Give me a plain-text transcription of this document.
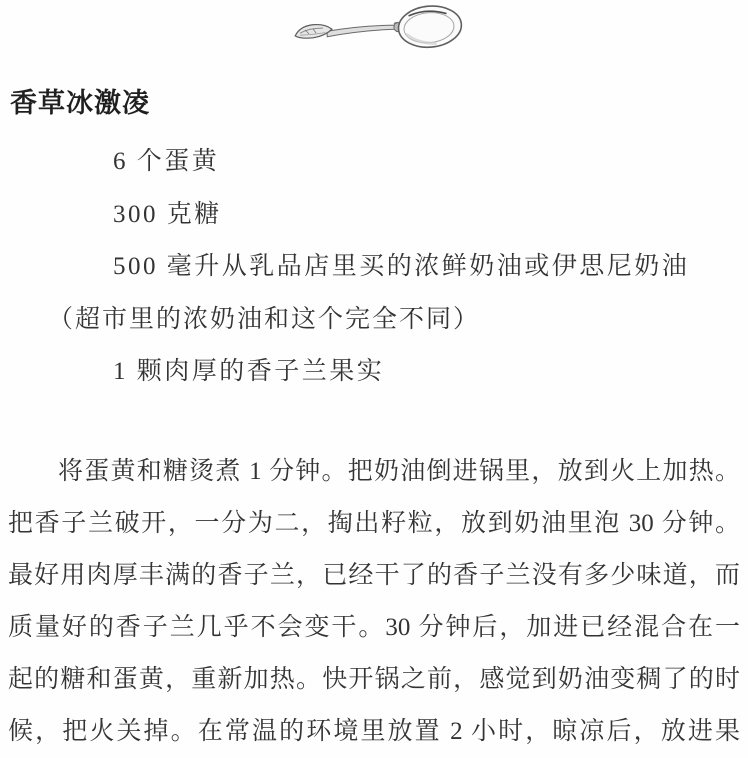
香草冰激凌
6 个蛋黄
300 克糖
500 毫升从乳品店里买的浓鲜奶油或伊思尼奶油
（超市里的浓奶油和这个完全不同）
1 颗肉厚的香子兰果实
将蛋黄和糖烫煮 1 分钟。把奶油倒进锅里，放到火上加热。
把香子兰破开，一分为二，掏出籽粒，放到奶油里泡 30 分钟。
最好用肉厚丰满的香子兰，已经干了的香子兰没有多少味道，而
质量好的香子兰几乎不会变干。30 分钟后，加进已经混合在一
起的糖和蛋黄，重新加热。快开锅之前，感觉到奶油变稠了的时
候，把火关掉。在常温的环境里放置 2 小时，晾凉后，放进果
